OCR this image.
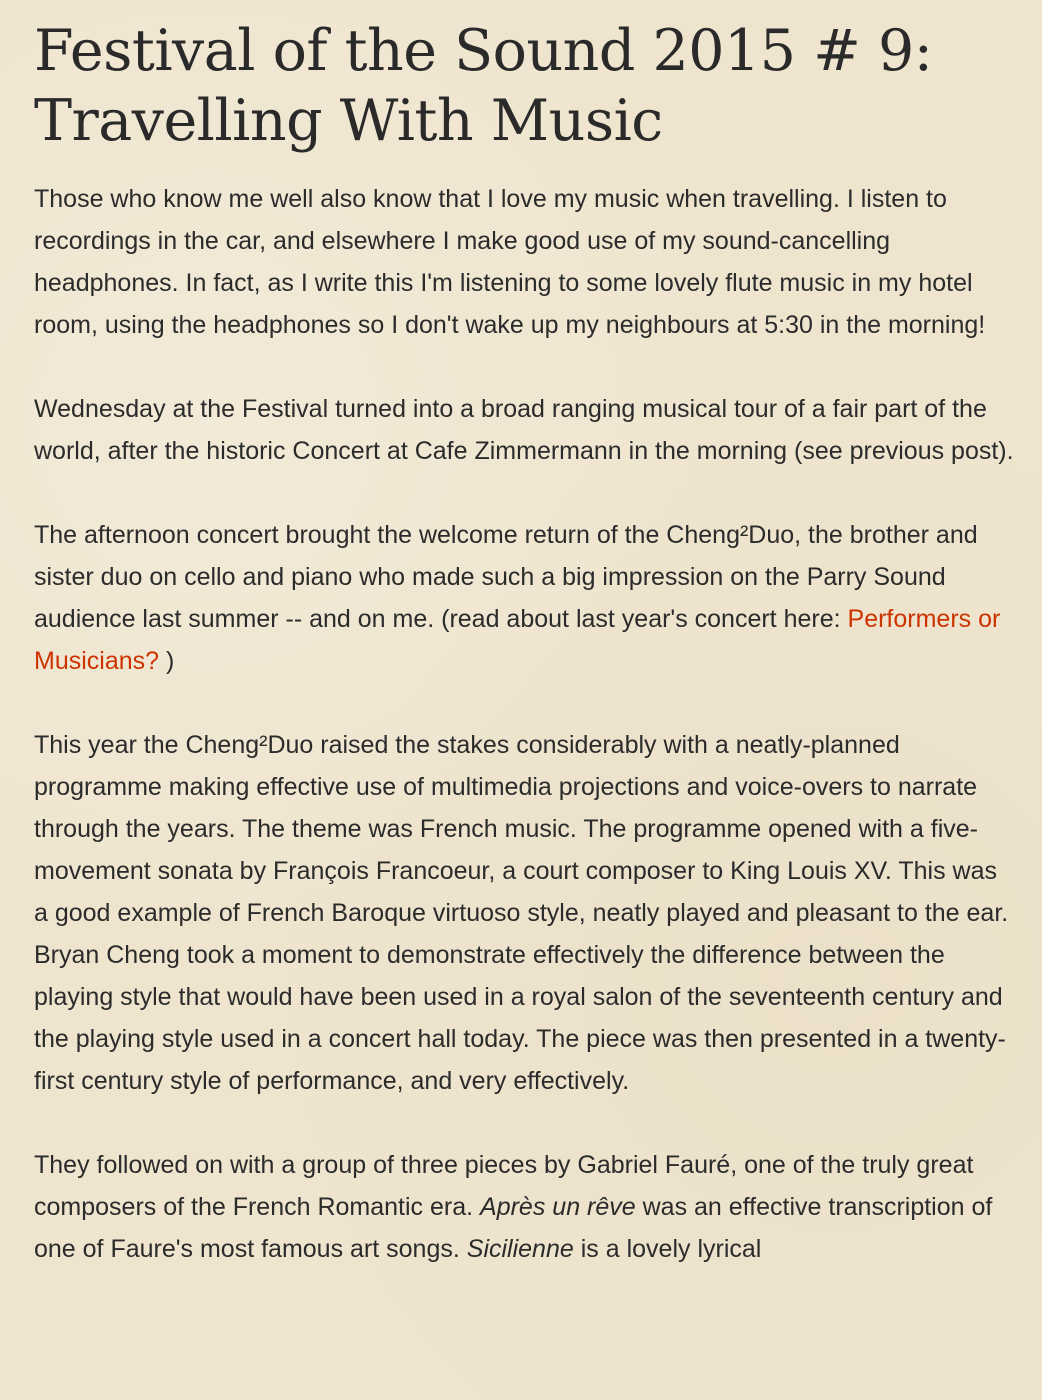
Festival of the Sound 2015 # 9: Travelling With Music

Those who know me well also know that I love my music when travelling. I listen to recordings in the car, and elsewhere I make good use of my sound-cancelling headphones. In fact, as I write this I'm listening to some lovely flute music in my hotel room, using the headphones so I don't wake up my neighbours at 5:30 in the morning!

Wednesday at the Festival turned into a broad ranging musical tour of a fair part of the world, after the historic Concert at Cafe Zimmermann in the morning (see previous post).

The afternoon concert brought the welcome return of the Cheng²Duo, the brother and sister duo on cello and piano who made such a big impression on the Parry Sound audience last summer -- and on me. (read about last year's concert here: Performers or Musicians? )

This year the Cheng²Duo raised the stakes considerably with a neatly-planned programme making effective use of multimedia projections and voice-overs to narrate through the years. The theme was French music. The programme opened with a five-movement sonata by François Francoeur, a court composer to King Louis XV. This was a good example of French Baroque virtuoso style, neatly played and pleasant to the ear. Bryan Cheng took a moment to demonstrate effectively the difference between the playing style that would have been used in a royal salon of the seventeenth century and the playing style used in a concert hall today. The piece was then presented in a twenty-first century style of performance, and very effectively.

They followed on with a group of three pieces by Gabriel Fauré, one of the truly great composers of the French Romantic era. Après un rêve was an effective transcription of one of Faure's most famous art songs. Sicilienne is a lovely lyrical
